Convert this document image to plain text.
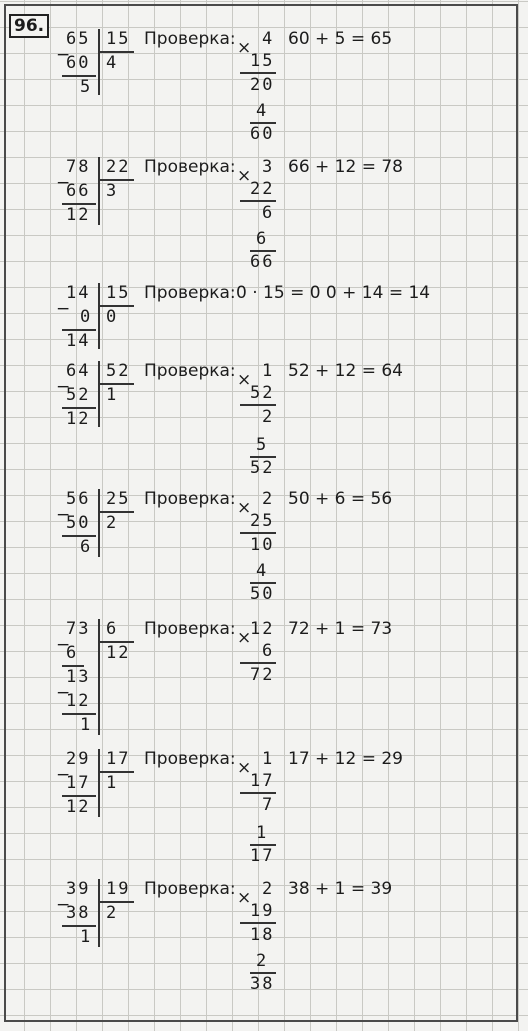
96.
65 15
4
−
60
5
Проверка: × 4
15
20
4
60
60 + 5 = 65
78 22
3
−
66
12
Проверка: × 3
22
6
6
66
66 + 12 = 78
14 15
0
− 0
14
Проверка: 0 · 15 = 0 0 + 14 = 14
64 52
1
−
52
12
Проверка: × 1
52
2
5
52
52 + 12 = 64
56 25
2
−
50
6
Проверка: × 2
25
10
4
50
50 + 6 = 56
73 6
12
−
6
13
−
12
1
Проверка: ×
12
6
72
72 + 1 = 73
29 17
1
−
17
12
Проверка: × 1
17
7
1
17
17 + 12 = 29
39 19
2
−
38
1
Проверка: × 2
19
18
2
38
38 + 1 = 39
